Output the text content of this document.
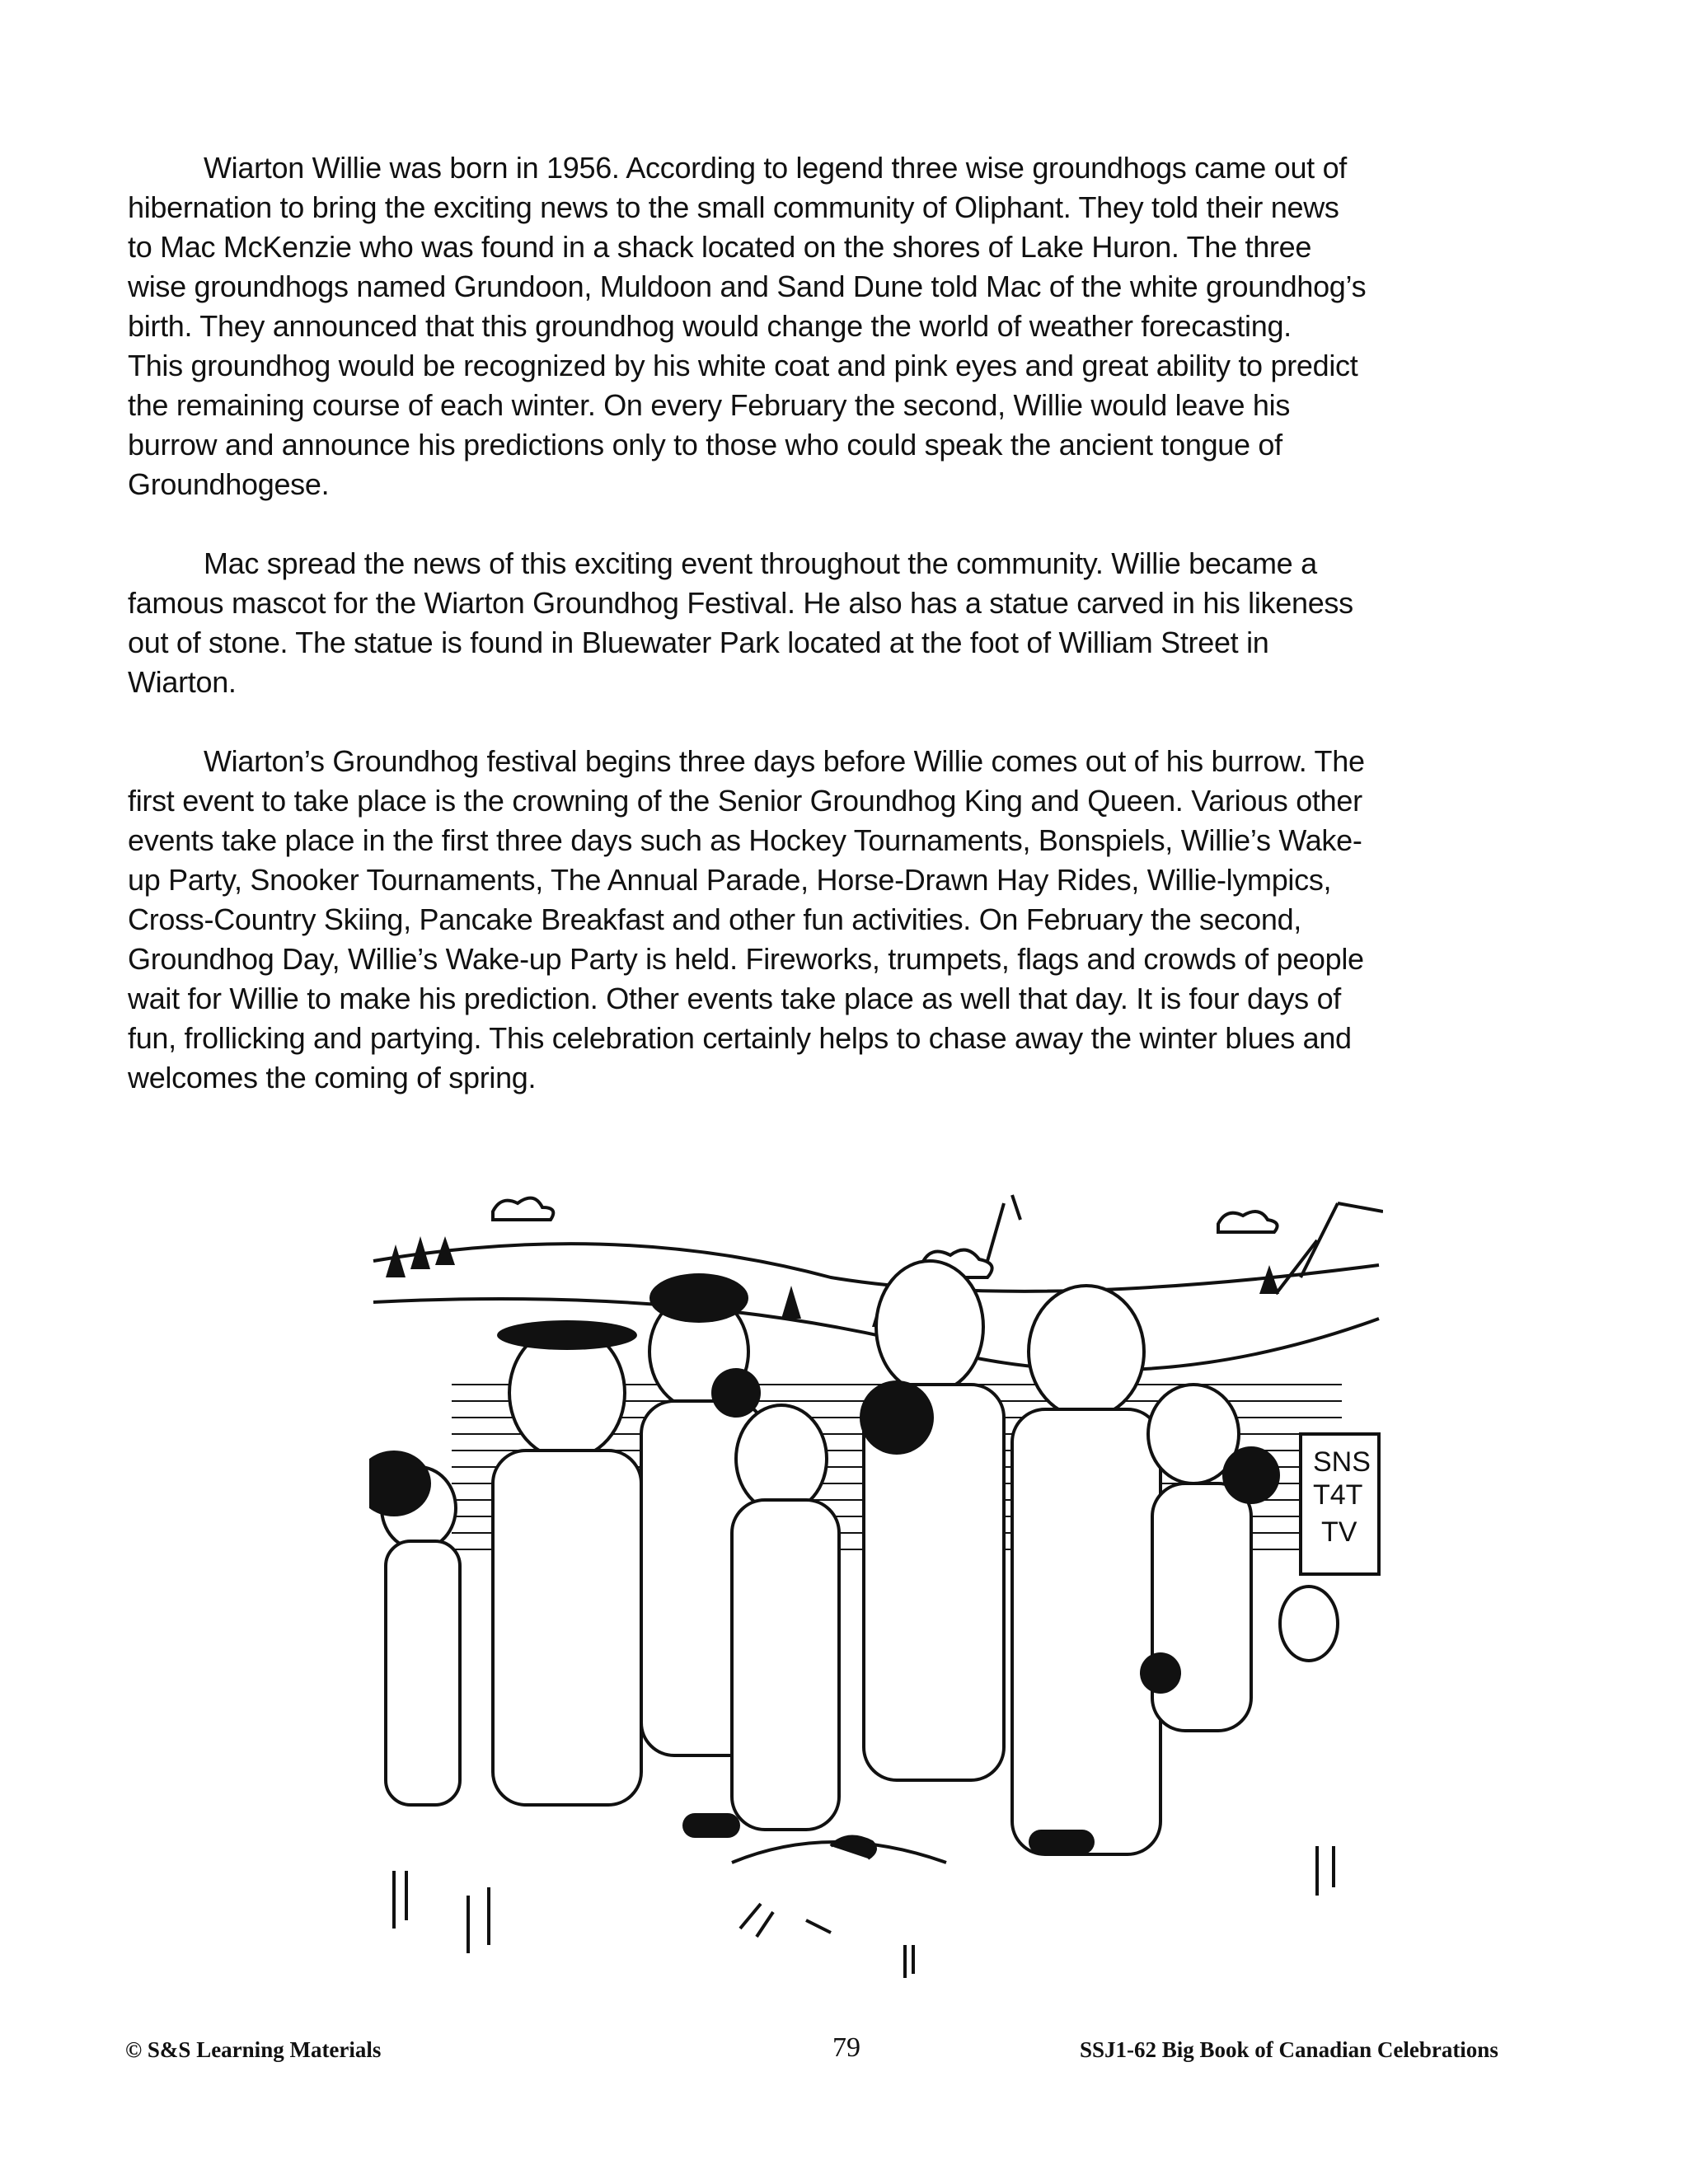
Wiarton Willie was born in 1956. According to legend three wise groundhogs came out of
hibernation to bring the exciting news to the small community of Oliphant. They told their news
to Mac McKenzie who was found in a shack located on the shores of Lake Huron. The three
wise groundhogs named Grundoon, Muldoon and Sand Dune told Mac of the white groundhog’s
birth. They announced that this groundhog would change the world of weather forecasting.
This groundhog would be recognized by his white coat and pink eyes and great ability to predict
the remaining course of each winter. On every February the second, Willie would leave his
burrow and announce his predictions only to those who could speak the ancient tongue of
Groundhogese.

Mac spread the news of this exciting event throughout the community. Willie became a
famous mascot for the Wiarton Groundhog Festival. He also has a statue carved in his likeness
out of stone. The statue is found in Bluewater Park located at the foot of William Street in
Wiarton.

Wiarton’s Groundhog festival begins three days before Willie comes out of his burrow. The
first event to take place is the crowning of the Senior Groundhog King and Queen. Various other
events take place in the first three days such as Hockey Tournaments, Bonspiels, Willie’s Wake-
up Party, Snooker Tournaments, The Annual Parade, Horse-Drawn Hay Rides, Willie-lympics,
Cross-Country Skiing, Pancake Breakfast and other fun activities. On February the second,
Groundhog Day, Willie’s Wake-up Party is held. Fireworks, trumpets, flags and crowds of people
wait for Willie to make his prediction. Other events take place as well that day. It is four days of
fun, frollicking and partying. This celebration certainly helps to chase away the winter blues and
welcomes the coming of spring.

SNS
T4T
TV
© S&S Learning Materials	79	SSJ1-62 Big Book of Canadian Celebrations
